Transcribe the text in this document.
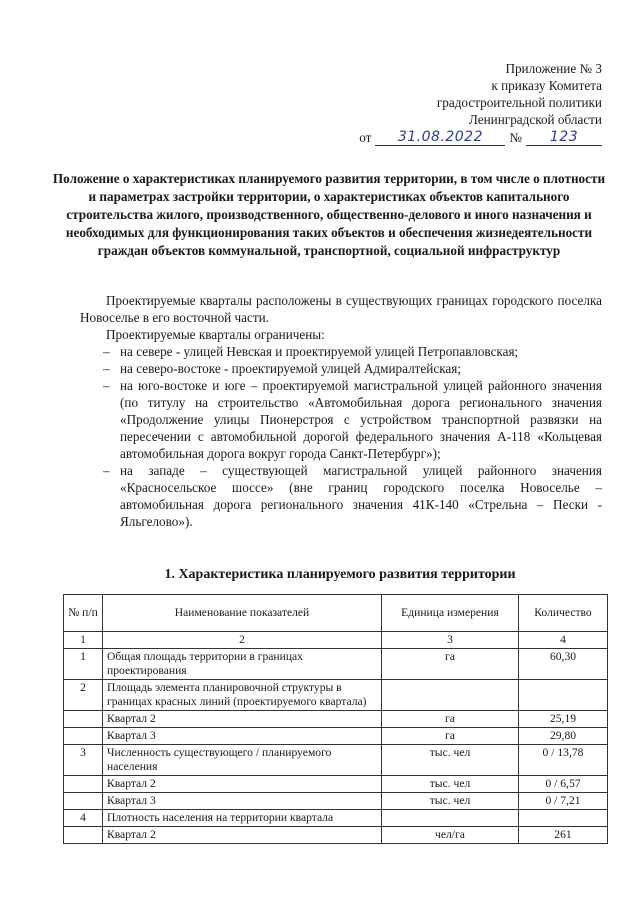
Приложение № 3
к приказу Комитета
градостроительной политики
Ленинградской области
от	31.08.2022	№	123
Положение о характеристиках планируемого развития территории, в том числе о плотности и параметрах застройки территории, о характеристиках объектов капитального строительства жилого, производственного, общественно-делового и иного назначения и необходимых для функционирования таких объектов и обеспечения жизнедеятельности граждан объектов коммунальной, транспортной, социальной инфраструктур

Проектируемые кварталы расположены в существующих границах городского поселка Новоселье в его восточной части.

Проектируемые кварталы ограничены:

– на севере - улицей Невская и проектируемой улицей Петропавловская;
– на северо-востоке - проектируемой улицей Адмиралтейская;
– на юго-востоке и юге – проектируемой магистральной улицей районного значения (по титулу на строительство «Автомобильная дорога регионального значения «Продолжение улицы Пионерстроя с устройством транспортной развязки на пересечении с автомобильной дорогой федерального значения А-118 «Кольцевая автомобильная дорога вокруг города Санкт-Петербург»);
– на западе – существующей магистральной улицей районного значения «Красносельское шоссе» (вне границ городского поселка Новоселье – автомобильная дорога регионального значения 41К-140 «Стрельна – Пески - Яльгелово»).
1. Характеристика планируемого развития территории
№ п/п	Наименование показателей	Единица измерения	Количество
1	2	3	4
1	Общая площадь территории в границах проектирования	га	60,30
2	Площадь элемента планировочной структуры в границах красных линий (проектируемого квартала)		
	Квартал 2	га	25,19
	Квартал 3	га	29,80
3	Численность существующего / планируемого населения	тыс. чел	0 / 13,78
	Квартал 2	тыс. чел	0 / 6,57
	Квартал 3	тыс. чел	0 / 7,21
4	Плотность населения на территории квартала		
	Квартал 2	чел/га	261
